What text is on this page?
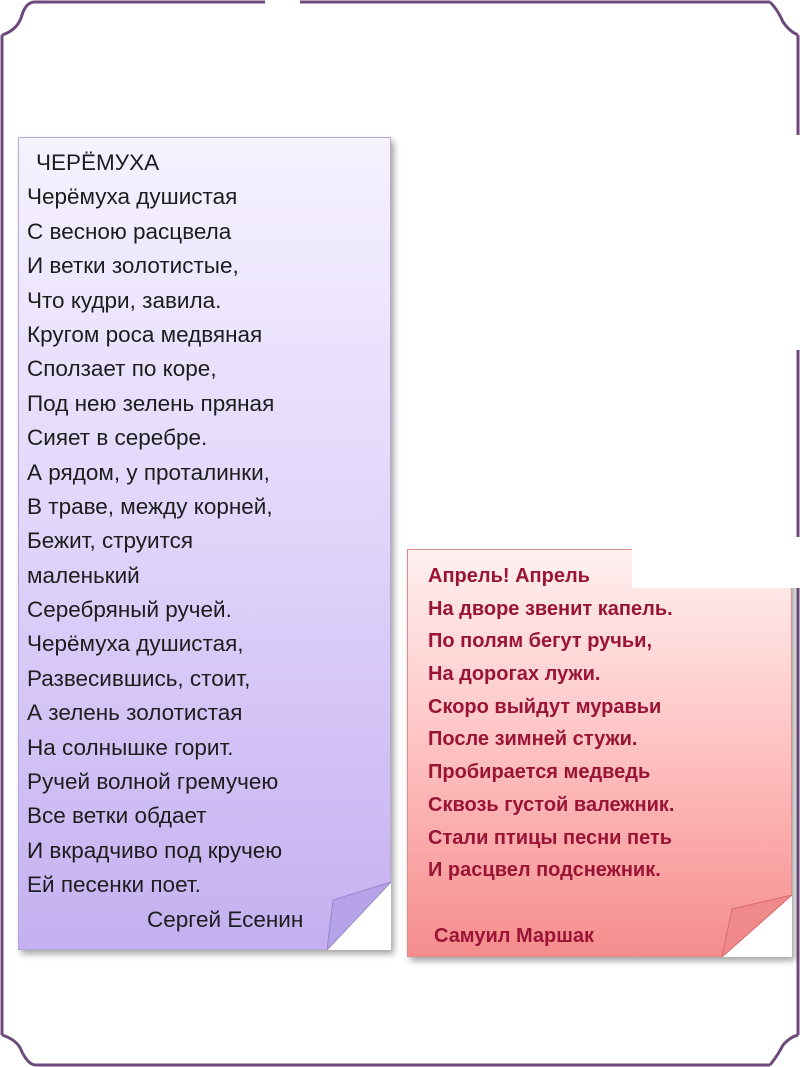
ЧЕРЁМУХА
Черёмуха душистая
С весною расцвела
И ветки золотистые,
Что кудри, завила.
Кругом роса медвяная
Сползает по коре,
Под нею зелень пряная
Сияет в серебре.
А рядом, у проталинки,
В траве, между корней,
Бежит, струится
маленький
Серебряный ручей.
Черёмуха душистая,
Развесившись, стоит,
А зелень золотистая
На солнышке горит.
Ручей волной гремучею
Все ветки обдает
И вкрадчиво под кручею
Ей песенки поет.
Сергей Есенин
Апрель! Апрель
На дворе звенит капель.
По полям бегут ручьи,
На дорогах лужи.
Скоро выйдут муравьи
После зимней стужи.
Пробирается медведь
Сквозь густой валежник.
Стали птицы песни петь
И расцвел подснежник.
Самуил Маршак
